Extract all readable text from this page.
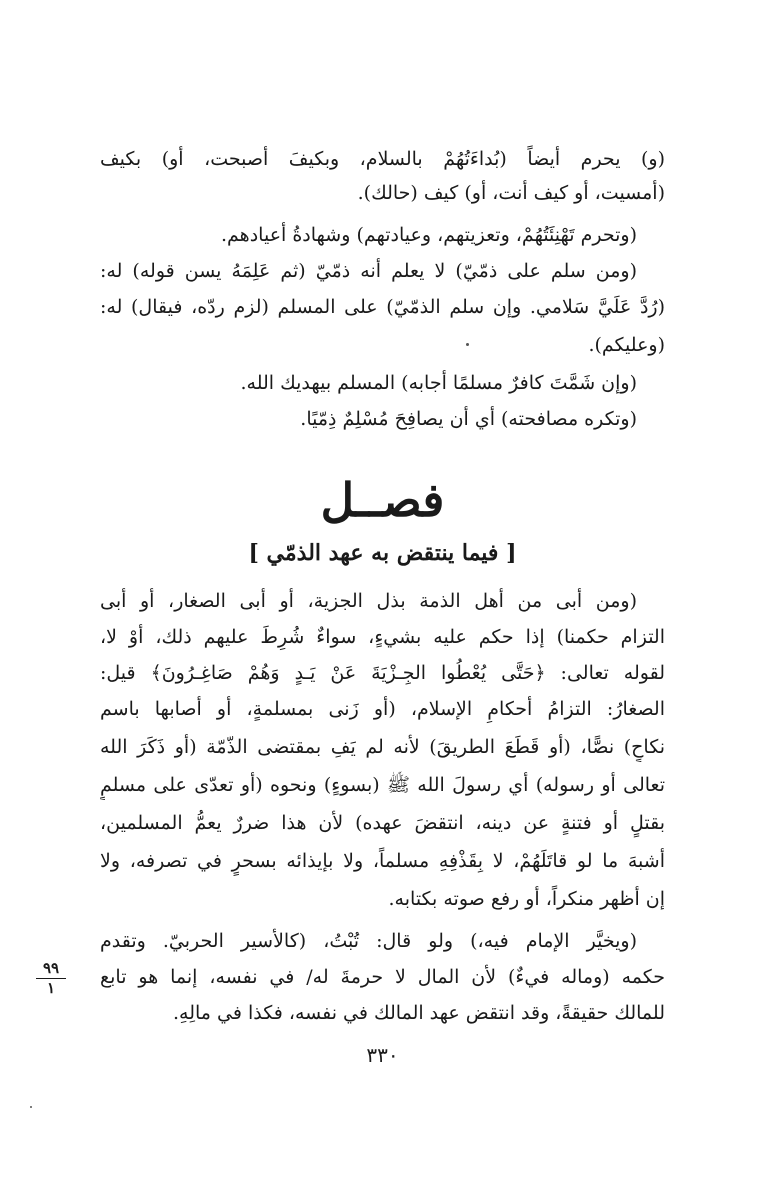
(و) يحرم أيضاً (بُداءَتُهُمْ بالسلام، وبكيفَ أصبحت، أو) بكيف
(أمسيت، أو كيف أنت، أو) كيف (حالك).
(وتحرم تَهْنِئَتُهُمْ، وتعزيتهم، وعيادتهم) وشهادةُ أعيادهم.
(ومن سلم على ذمّيّ) لا يعلم أنه ذمّيّ (ثم عَلِمَهُ يسن قوله) له:
(رُدَّ عَلَيَّ سَلامي. وإن سلم الذمّيّ) على المسلم (لزم ردّه، فيقال) له:
(وعليكم).
(وإن شَمَّتَ كافرٌ مسلمًا أجابه) المسلم بيهديك الله.
(وتكره مصافحته) أي أن يصافِحَ مُسْلِمٌ ذِمّيًا.
فصــل
[ فيما ينتقض به عهد الذمّي ]
(ومن أبى من أهل الذمة بذل الجزية، أو أبى الصغار، أو أبى
التزام حكمنا) إذا حكم عليه بشيءٍ، سواءٌ شُرِطَ عليهم ذلك، أوْ لا،
لقوله تعالى: ﴿حَتَّى يُعْطُوا الجِـزْيَةَ عَنْ يَـدٍ وَهُمْ صَاغِـرُونَ﴾ قيل:
الصغارُ: التزامُ أحكامِ الإسلام، (أو زَنى بمسلمةٍ، أو أصابها باسم
نكاحٍ) نصًّا، (أو قَطَعَ الطريقَ) لأنه لم يَفِ بمقتضى الذّمّة (أو ذَكَرَ الله
تعالى أو رسوله) أي رسولَ الله ﷺ (بسوءٍ) ونحوه (أو تعدّى على مسلمٍ
بقتلٍ أو فتنةٍ عن دينه، انتقضَ عهده) لأن هذا ضررٌ يعمُّ المسلمين،
أشبهَ ما لو قاتَلَهُمْ، لا بِقَذْفِهِ مسلماً، ولا بإيذائه بسحرٍ في تصرفه، ولا
إن أظهر منكراً، أو رفع صوته بكتابه.
(ويخيَّر الإمام فيه،) ولو قال: تُبْتُ، (كالأسير الحربيّ. وتقدم
حكمه (وماله فيءٌ) لأن المال لا حرمةَ له/ في نفسه، إنما هو تابع
للمالك حقيقةً، وقد انتقض عهد المالك في نفسه، فكذا في مالِهِ.
٩٩
١
٣٣٠
